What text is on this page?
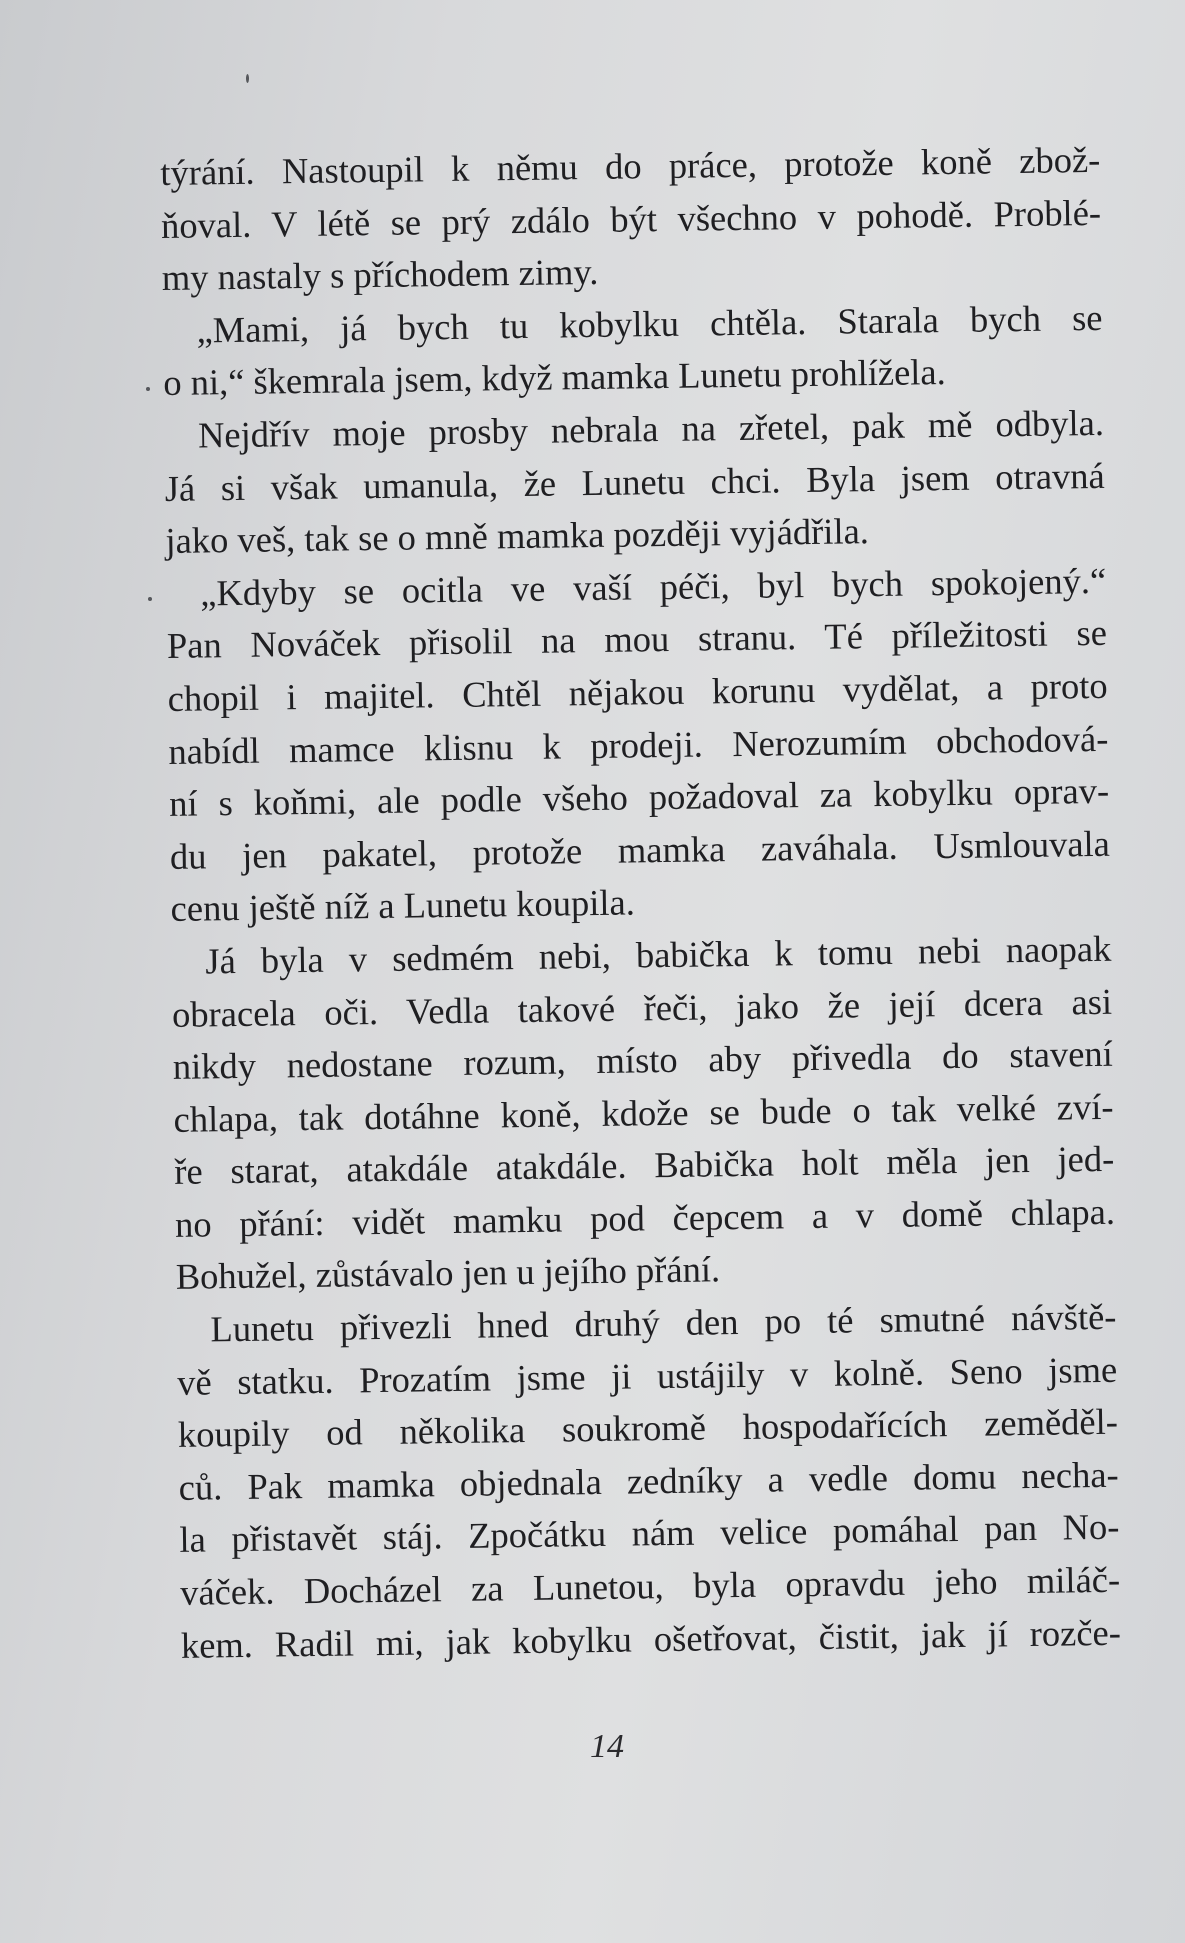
týrání. Nastoupil k němu do práce, protože koně zbož-
ňoval. V létě se prý zdálo být všechno v pohodě. Problé-
my nastaly s příchodem zimy.
„Mami, já bych tu kobylku chtěla. Starala bych se
o ni,“ škemrala jsem, když mamka Lunetu prohlížela.
Nejdřív moje prosby nebrala na zřetel, pak mě odbyla.
Já si však umanula, že Lunetu chci. Byla jsem otravná
jako veš, tak se o mně mamka později vyjádřila.
„Kdyby se ocitla ve vaší péči, byl bych spokojený.“
Pan Nováček přisolil na mou stranu. Té příležitosti se
chopil i majitel. Chtěl nějakou korunu vydělat, a proto
nabídl mamce klisnu k prodeji. Nerozumím obchodová-
ní s koňmi, ale podle všeho požadoval za kobylku oprav-
du jen pakatel, protože mamka zaváhala. Usmlouvala
cenu ještě níž a Lunetu koupila.
Já byla v sedmém nebi, babička k tomu nebi naopak
obracela oči. Vedla takové řeči, jako že její dcera asi
nikdy nedostane rozum, místo aby přivedla do stavení
chlapa, tak dotáhne koně, kdože se bude o tak velké zví-
ře starat, atakdále atakdále. Babička holt měla jen jed-
no přání: vidět mamku pod čepcem a v domě chlapa.
Bohužel, zůstávalo jen u jejího přání.
Lunetu přivezli hned druhý den po té smutné návště-
vě statku. Prozatím jsme ji ustájily v kolně. Seno jsme
koupily od několika soukromě hospodařících zeměděl-
ců. Pak mamka objednala zedníky a vedle domu necha-
la přistavět stáj. Zpočátku nám velice pomáhal pan No-
váček. Docházel za Lunetou, byla opravdu jeho miláč-
kem. Radil mi, jak kobylku ošetřovat, čistit, jak jí rozče-
14
